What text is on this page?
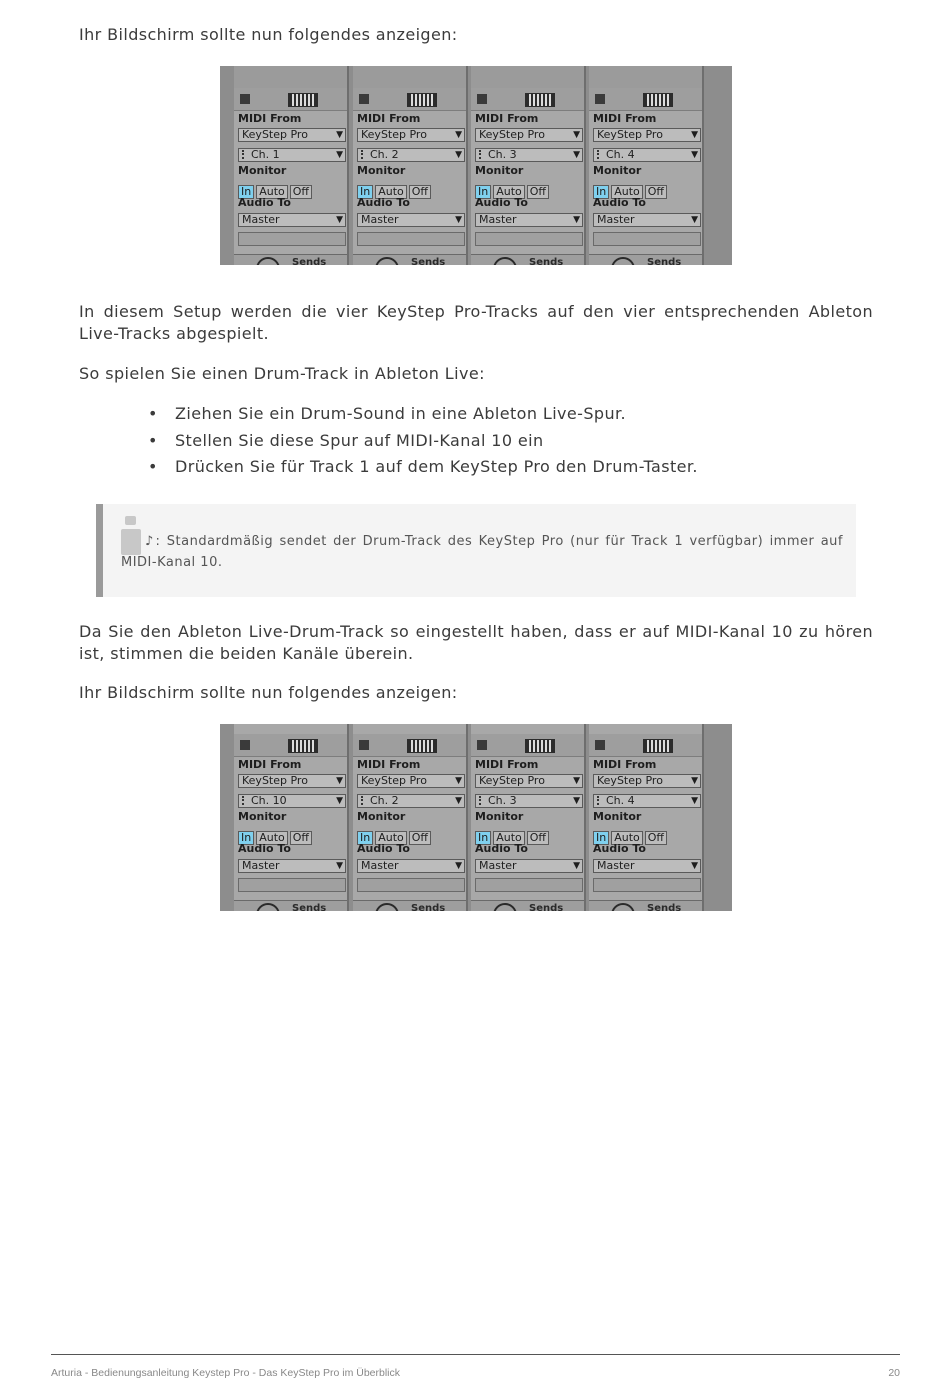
Ihr Bildschirm sollte nun folgendes anzeigen:

MIDI From
KeyStep Pro	▼
Ch. 1	▼
Monitor
In Auto Off
Audio To
Master	▼
Sends
MIDI From
KeyStep Pro	▼
Ch. 2	▼
Monitor
In Auto Off
Audio To
Master	▼
Sends
MIDI From
KeyStep Pro	▼
Ch. 3	▼
Monitor
In Auto Off
Audio To
Master	▼
Sends
MIDI From
KeyStep Pro	▼
Ch. 4	▼
Monitor
In Auto Off
Audio To
Master	▼
Sends

In diesem Setup werden die vier KeyStep Pro-Tracks auf den vier entsprechenden Ableton Live-Tracks abgespielt.

So spielen Sie einen Drum-Track in Ableton Live:

• Ziehen Sie ein Drum-Sound in eine Ableton Live-Spur.
• Stellen Sie diese Spur auf MIDI-Kanal 10 ein
• Drücken Sie für Track 1 auf dem KeyStep Pro den Drum-Taster.

♪: Standardmäßig sendet der Drum-Track des KeyStep Pro (nur für Track 1 verfügbar) immer auf MIDI-Kanal 10.

Da Sie den Ableton Live-Drum-Track so eingestellt haben, dass er auf MIDI-Kanal 10 zu hören ist, stimmen die beiden Kanäle überein.

Ihr Bildschirm sollte nun folgendes anzeigen:

MIDI From
KeyStep Pro	▼
Ch. 10	▼
Monitor
In Auto Off
Audio To
Master	▼
Sends
MIDI From
KeyStep Pro	▼
Ch. 2	▼
Monitor
In Auto Off
Audio To
Master	▼
Sends
MIDI From
KeyStep Pro	▼
Ch. 3	▼
Monitor
In Auto Off
Audio To
Master	▼
Sends
MIDI From
KeyStep Pro	▼
Ch. 4	▼
Monitor
In Auto Off
Audio To
Master	▼
Sends
Arturia - Bedienungsanleitung Keystep Pro - Das KeyStep Pro im Überblick	20
